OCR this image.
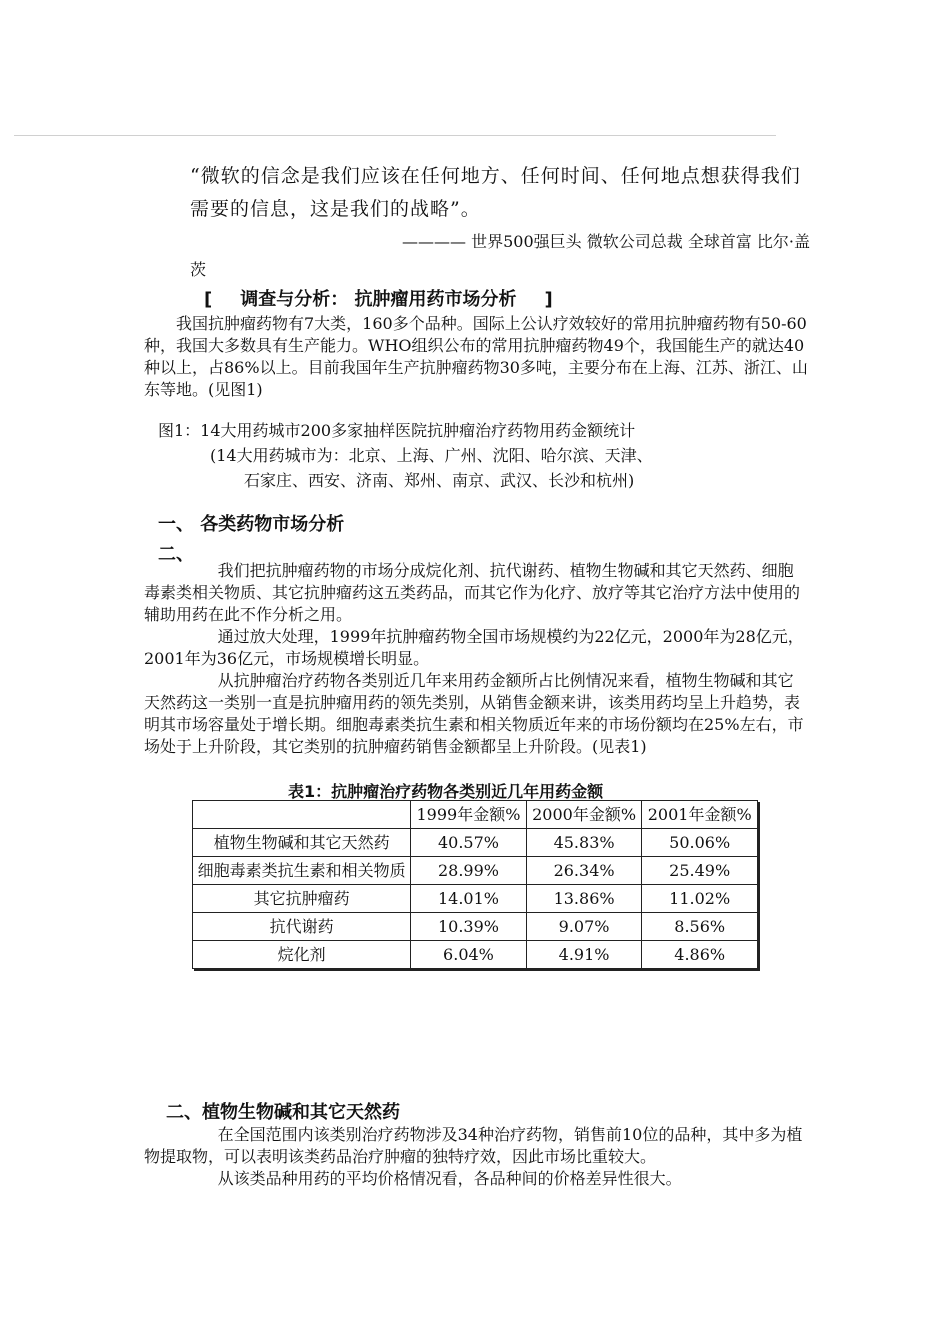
“微软的信念是我们应该在任何地方、任何时间、任何地点想获得我们需要的信息，这是我们的战略”。
———— 世界500强巨头 微软公司总裁 全球首富 比尔·盖
茨
[ 调查与分析： 抗肿瘤用药市场分析 ]
我国抗肿瘤药物有7大类，160多个品种。国际上公认疗效较好的常用抗肿瘤药物有50-60种，我国大多数具有生产能力。WHO组织公布的常用抗肿瘤药物49个，我国能生产的就达40种以上，占86%以上。目前我国年生产抗肿瘤药物30多吨，主要分布在上海、江苏、浙江、山东等地。(见图1)
图1：14大用药城市200多家抽样医院抗肿瘤治疗药物用药金额统计
(14大用药城市为：北京、上海、广州、沈阳、哈尔滨、天津、
石家庄、西安、济南、郑州、南京、武汉、长沙和杭州)
一、 各类药物市场分析
二、

我们把抗肿瘤药物的市场分成烷化剂、抗代谢药、植物生物碱和其它天然药、细胞毒素类相关物质、其它抗肿瘤药这五类药品，而其它作为化疗、放疗等其它治疗方法中使用的辅助用药在此不作分析之用。

通过放大处理，1999年抗肿瘤药物全国市场规模约为22亿元，2000年为28亿元，2001年为36亿元，市场规模增长明显。

从抗肿瘤治疗药物各类别近几年来用药金额所占比例情况来看，植物生物碱和其它天然药这一类别一直是抗肿瘤用药的领先类别，从销售金额来讲，该类用药均呈上升趋势，表明其市场容量处于增长期。细胞毒素类抗生素和相关物质近年来的市场份额均在25%左右，市场处于上升阶段，其它类别的抗肿瘤药销售金额都呈上升阶段。(见表1)

表1：抗肿瘤治疗药物各类别近几年用药金额
	1999年金额%	2000年金额%	2001年金额%
植物生物碱和其它天然药	40.57%	45.83%	50.06%
细胞毒素类抗生素和相关物质	28.99%	26.34%	25.49%
其它抗肿瘤药	14.01%	13.86%	11.02%
抗代谢药	10.39%	9.07%	8.56%
烷化剂	6.04%	4.91%	4.86%
二、植物生物碱和其它天然药

在全国范围内该类别治疗药物涉及34种治疗药物，销售前10位的品种，其中多为植物提取物，可以表明该类药品治疗肿瘤的独特疗效，因此市场比重较大。

从该类品种用药的平均价格情况看，各品种间的价格差异性很大。
